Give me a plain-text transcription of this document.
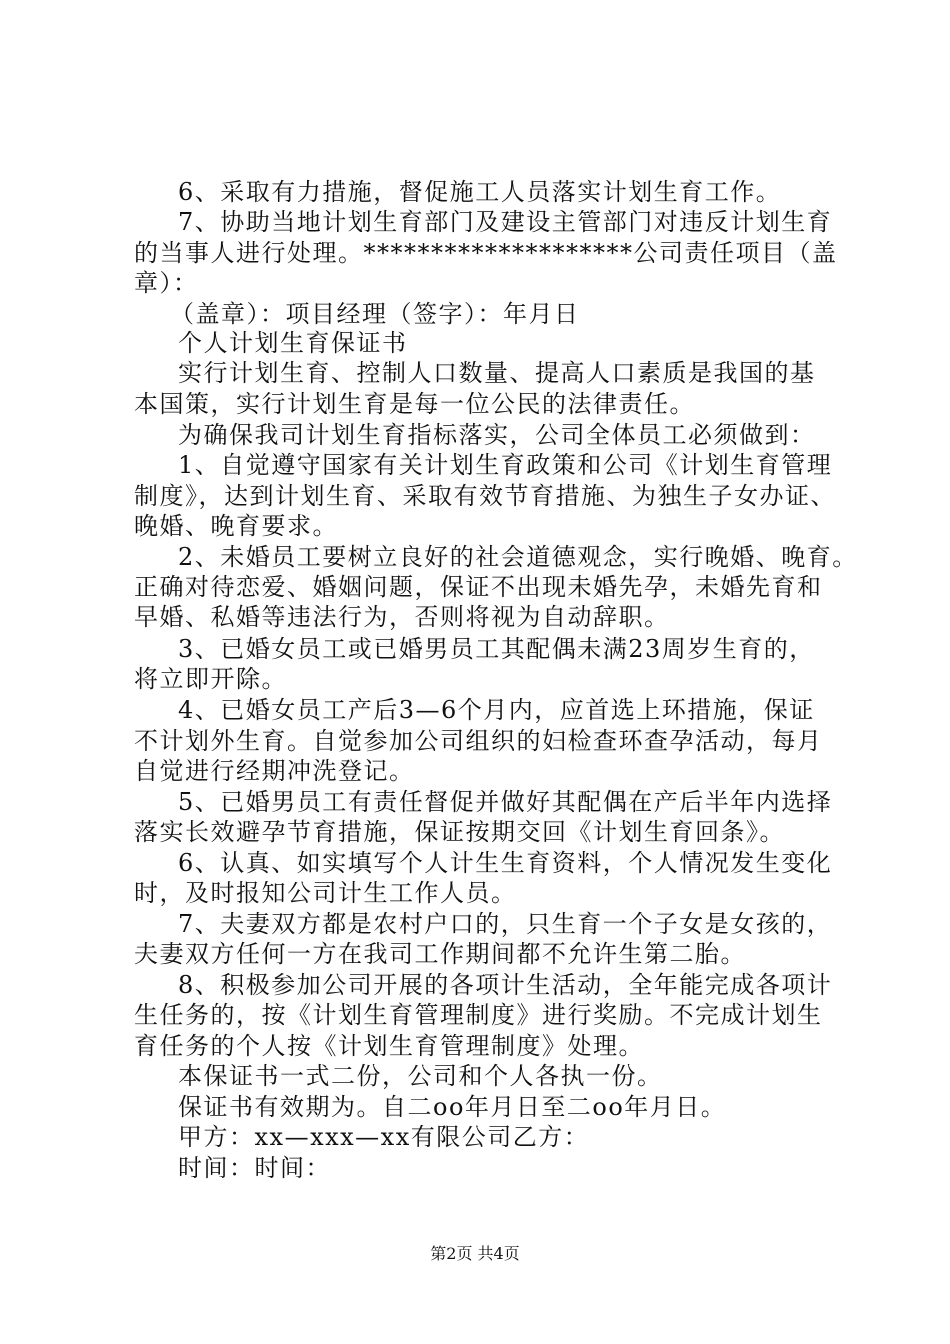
6、采取有力措施，督促施工人员落实计划生育工作。
7、协助当地计划生育部门及建设主管部门对违反计划生育
的当事人进行处理。********************公司责任项目（盖
章）：
（盖章）：项目经理（签字）：年月日
个人计划生育保证书
实行计划生育、控制人口数量、提高人口素质是我国的基
本国策，实行计划生育是每一位公民的法律责任。
为确保我司计划生育指标落实，公司全体员工必须做到：
1、自觉遵守国家有关计划生育政策和公司《计划生育管理
制度》，达到计划生育、采取有效节育措施、为独生子女办证、
晚婚、晚育要求。
2、未婚员工要树立良好的社会道德观念，实行晚婚、晚育。
正确对待恋爱、婚姻问题，保证不出现未婚先孕，未婚先育和
早婚、私婚等违法行为，否则将视为自动辞职。
3、已婚女员工或已婚男员工其配偶未满23周岁生育的，
将立即开除。
4、已婚女员工产后3—6个月内，应首选上环措施，保证
不计划外生育。自觉参加公司组织的妇检查环查孕活动，每月
自觉进行经期冲洗登记。
5、已婚男员工有责任督促并做好其配偶在产后半年内选择
落实长效避孕节育措施，保证按期交回《计划生育回条》。
6、认真、如实填写个人计生生育资料，个人情况发生变化
时，及时报知公司计生工作人员。
7、夫妻双方都是农村户口的，只生育一个子女是女孩的，
夫妻双方任何一方在我司工作期间都不允许生第二胎。
8、积极参加公司开展的各项计生活动，全年能完成各项计
生任务的，按《计划生育管理制度》进行奖励。不完成计划生
育任务的个人按《计划生育管理制度》处理。
本保证书一式二份，公司和个人各执一份。
保证书有效期为。自二oo年月日至二oo年月日。
甲方：xx—xxx—xx有限公司乙方：
时间：时间：
第2页 共4页
